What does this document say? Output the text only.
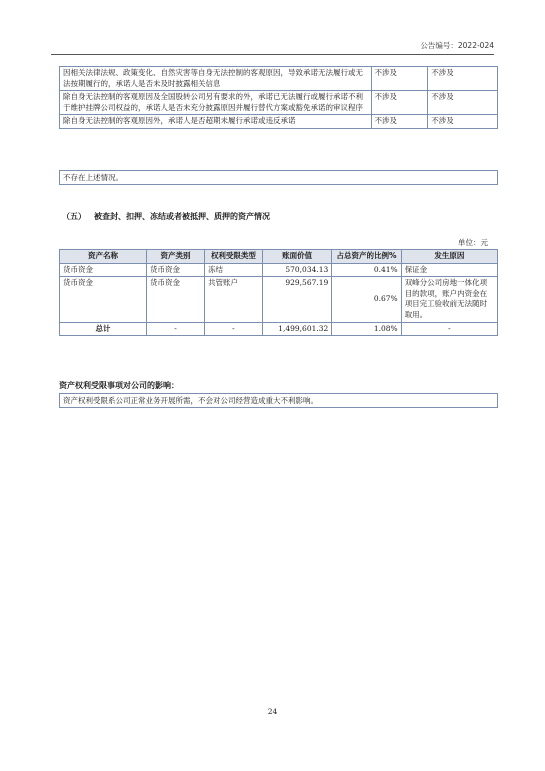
公告编号：2022-024
因相关法律法规、政策变化、自然灾害等自身无法控制的客观原因，导致承诺无法履行或无法按期履行的，承诺人是否未及时披露相关信息	不涉及	不涉及
除自身无法控制的客观原因及全国股转公司另有要求的外，承诺已无法履行或履行承诺不利于维护挂牌公司权益的，承诺人是否未充分披露原因并履行替代方案或豁免承诺的审议程序	不涉及	不涉及
除自身无法控制的客观原因外，承诺人是否超期未履行承诺或违反承诺	不涉及	不涉及
不存在上述情况。
（五） 被查封、扣押、冻结或者被抵押、质押的资产情况
单位：元
资产名称	资产类别	权利受限类型	账面价值	占总资产的比例%	发生原因
货币资金	货币资金	冻结	570,034.13	0.41%	保证金
货币资金	货币资金	共管账户	929,567.19	0.67%	双峰分公司房地一体化项目的款项，账户内资金在项目完工验收前无法随时取用。
总计	-	-	1,499,601.32	1.08%	-
资产权利受限事项对公司的影响：
资产权利受限系公司正常业务开展所需，不会对公司经营造成重大不利影响。
24
